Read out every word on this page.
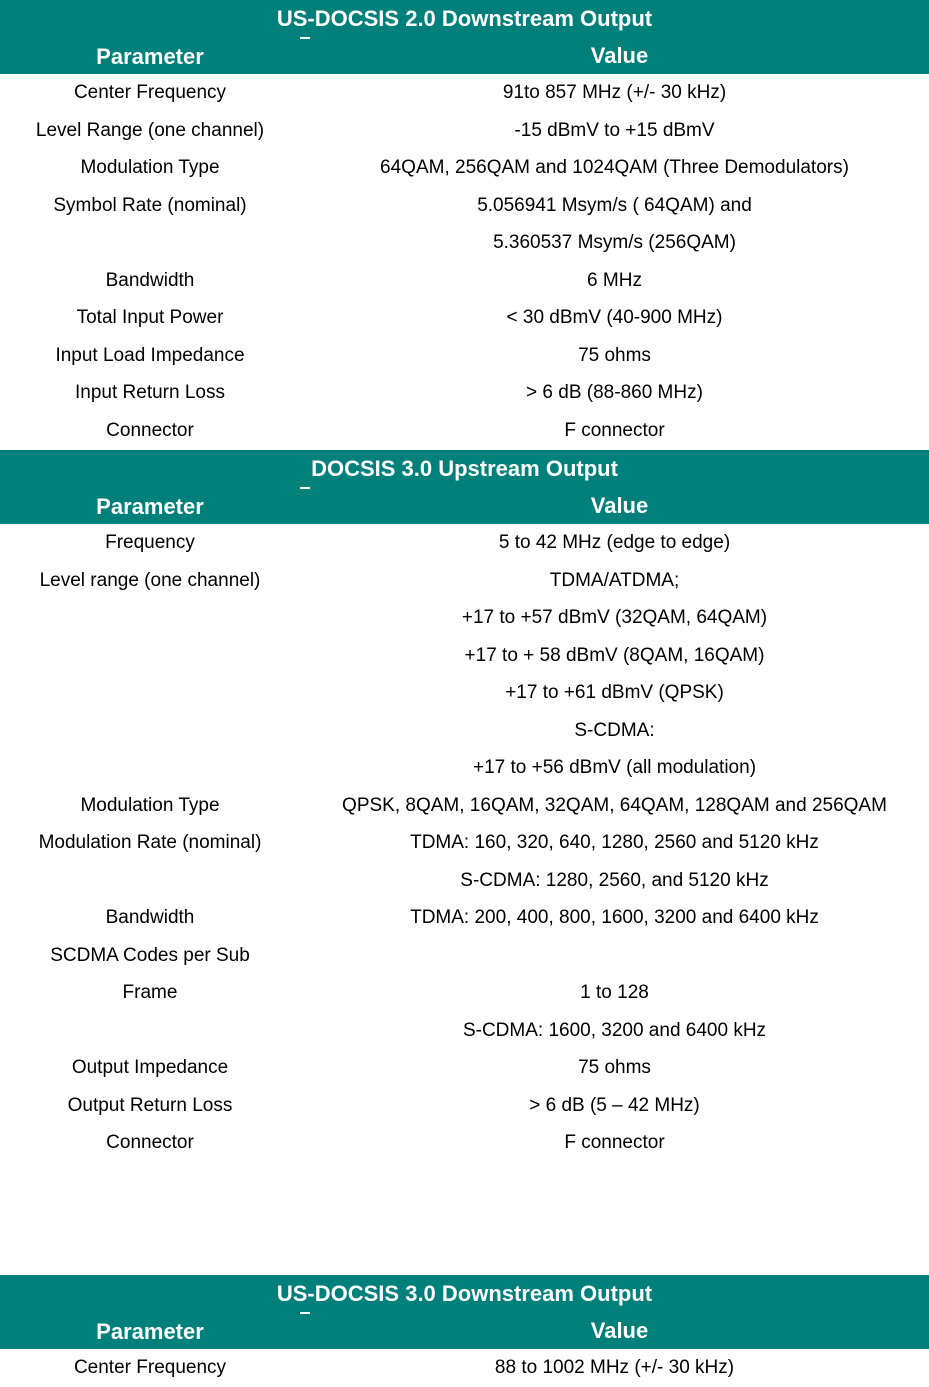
US-DOCSIS 2.0 Downstream Output
Parameter	Value
Center Frequency	91to 857 MHz (+/- 30 kHz)
Level Range (one channel)	-15 dBmV to +15 dBmV
Modulation Type	64QAM, 256QAM and 1024QAM (Three Demodulators)
Symbol Rate (nominal)	5.056941 Msym/s ( 64QAM) and
5.360537 Msym/s (256QAM)
Bandwidth	6 MHz
Total Input Power	< 30 dBmV (40-900 MHz)
Input Load Impedance	75 ohms
Input Return Loss	> 6 dB (88-860 MHz)
Connector	F connector
DOCSIS 3.0 Upstream Output
Parameter	Value
Frequency	5 to 42 MHz (edge to edge)
Level range (one channel)	TDMA/ATDMA;
+17 to +57 dBmV (32QAM, 64QAM)
+17 to + 58 dBmV (8QAM, 16QAM)
+17 to +61 dBmV (QPSK)
S-CDMA:
+17 to +56 dBmV (all modulation)
Modulation Type	QPSK, 8QAM, 16QAM, 32QAM, 64QAM, 128QAM and 256QAM
Modulation Rate (nominal)	TDMA: 160, 320, 640, 1280, 2560 and 5120 kHz
S-CDMA: 1280, 2560, and 5120 kHz
Bandwidth	TDMA: 200, 400, 800, 1600, 3200 and 6400 kHz
SCDMA Codes per Sub
Frame	1 to 128
S-CDMA: 1600, 3200 and 6400 kHz
Output Impedance	75 ohms
Output Return Loss	> 6 dB (5 – 42 MHz)
Connector	F connector
US-DOCSIS 3.0 Downstream Output
Parameter	Value
Center Frequency	88 to 1002 MHz (+/- 30 kHz)
